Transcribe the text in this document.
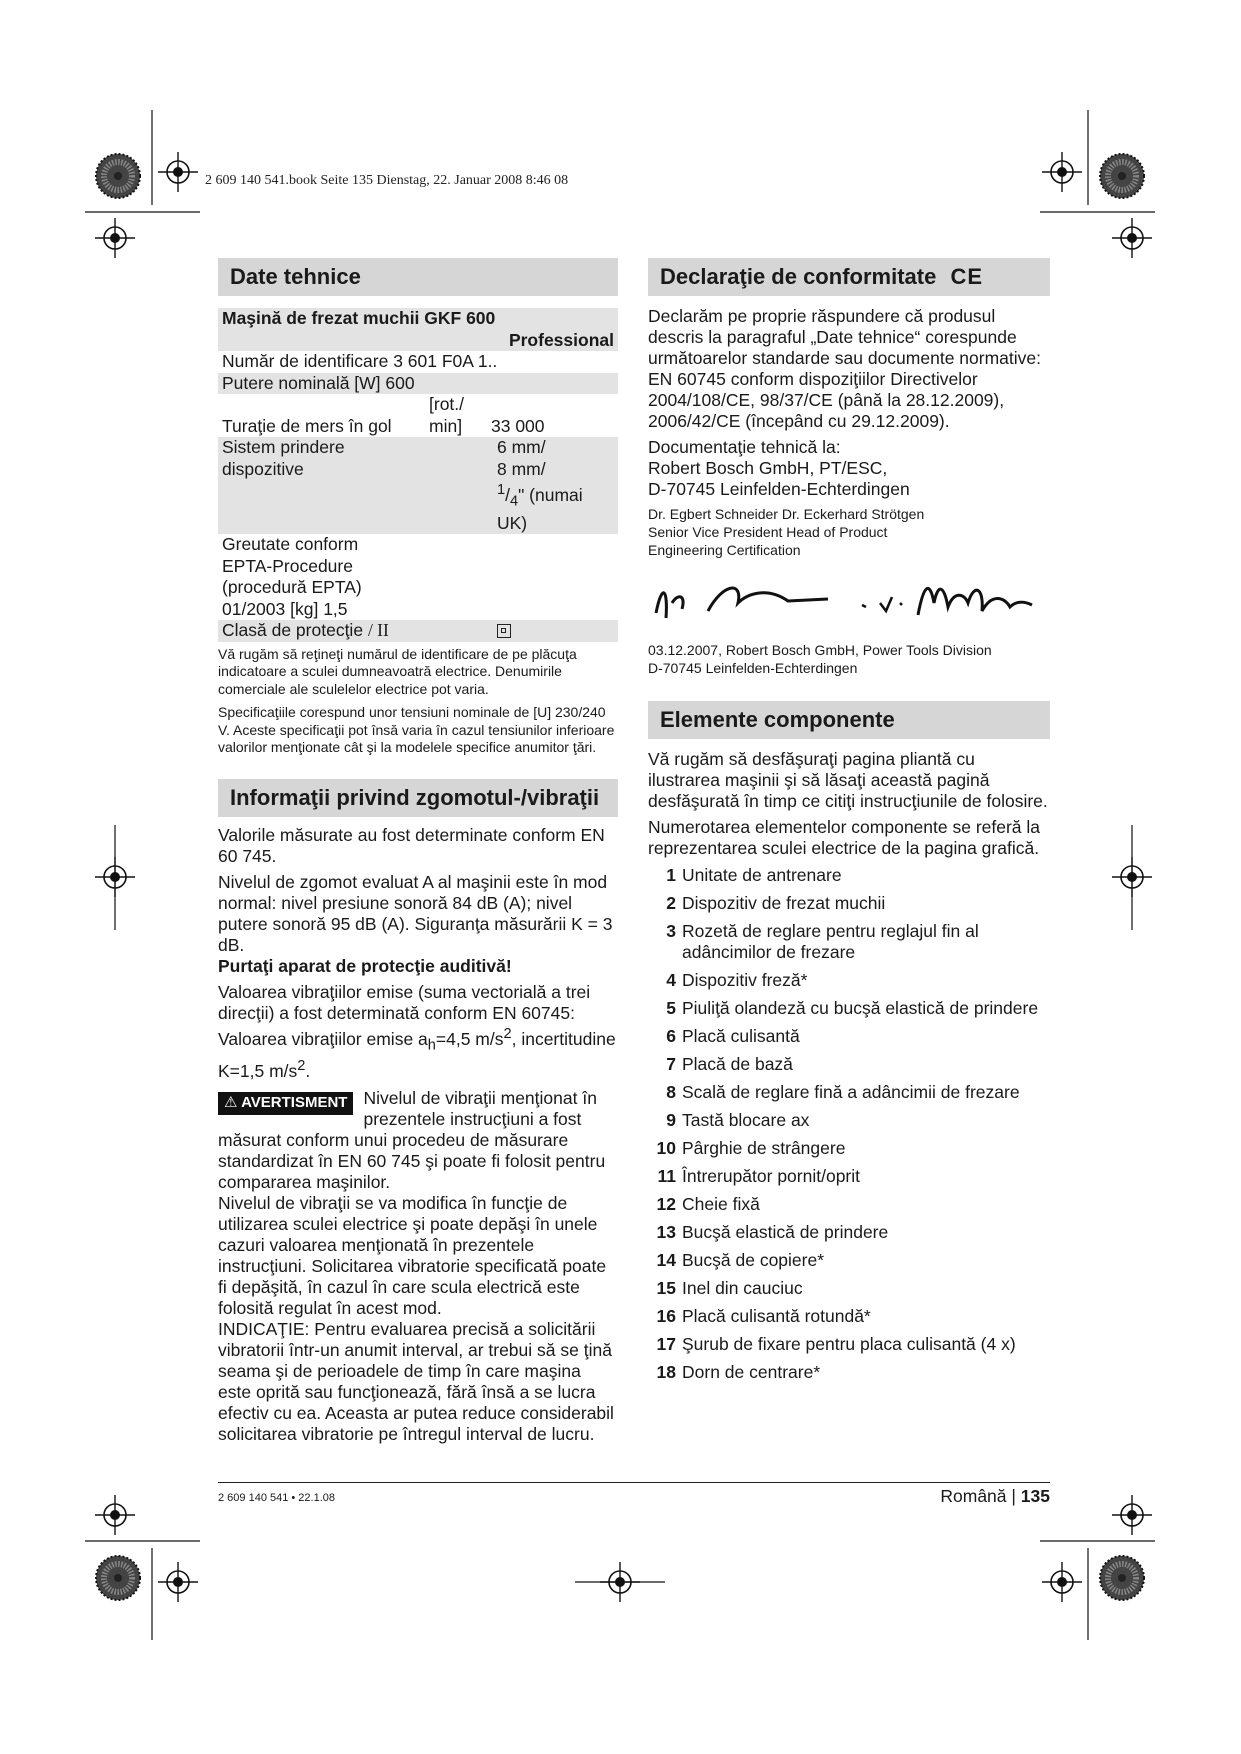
2 609 140 541.book Seite 135 Dienstag, 22. Januar 2008 8:46 08
Date tehnice
Maşină de frezat muchii GKF 600
Professional
Număr de identificare 3 601 F0A 1..
Putere nominală [W] 600
Turaţie de mers în gol
[rot./
min]	33 000
Sistem prindere
dispozitive
6 mm/
8 mm/
$^1/_4$" (numai
UK)
Greutate conform
EPTA-Procedure
(procedură EPTA)
01/2003 [kg] 1,5
Clasă de protecţie / II

Vă rugăm să reţineţi numărul de identificare de pe plăcuţa indicatoare a sculei dumneavoatră electrice. Denumirile comerciale ale sculelelor electrice pot varia.

Specificaţiile corespund unor tensiuni nominale de [U] 230/240 V. Aceste specificaţii pot însă varia în cazul tensiunilor inferioare valorilor menţionate cât şi la modelele specifice anumitor ţări.

Informaţii privind zgomotul-/vibraţii

Valorile măsurate au fost determinate conform EN 60 745.

Nivelul de zgomot evaluat A al maşinii este în mod normal: nivel presiune sonoră 84 dB (A); nivel putere sonoră 95 dB (A). Siguranţa măsurării K = 3 dB.

Purtaţi aparat de protecţie auditivă!

Valoarea vibraţiilor emise (suma vectorială a trei direcţii) a fost determinată conform EN 60745: Valoarea vibraţiilor emise $a_h=4,5$ $m/s^2$, incertitudine K=1,5 $m/s^2$.

⚠ AVERTISMENT Nivelul de vibraţii menţionat în prezentele instrucţiuni a fost măsurat conform unui procedeu de măsurare standardizat în EN 60 745 şi poate fi folosit pentru compararea maşinilor.

Nivelul de vibraţii se va modifica în funcţie de utilizarea sculei electrice şi poate depăşi în unele cazuri valoarea menţionată în prezentele instrucţiuni. Solicitarea vibratorie specificată poate fi depăşită, în cazul în care scula electrică este folosită regulat în acest mod.

INDICAŢIE: Pentru evaluarea precisă a solicitării vibratorii într-un anumit interval, ar trebui să se ţină seama şi de perioadele de timp în care maşina este oprită sau funcţionează, fără însă a se lucra efectiv cu ea. Aceasta ar putea reduce considerabil solicitarea vibratorie pe întregul interval de lucru.

Declaraţie de conformitate CE

Declarăm pe proprie răspundere că produsul descris la paragraful „Date tehnice“ corespunde următoarelor standarde sau documente normative: EN 60745 conform dispoziţiilor Directivelor 2004/108/CE, 98/37/CE (până la 28.12.2009), 2006/42/CE (începând cu 29.12.2009).

Documentaţie tehnică la:
Robert Bosch GmbH, PT/ESC,
D-70745 Leinfelden-Echterdingen

Dr. Egbert Schneider Dr. Eckerhard Strötgen
Senior Vice President Head of Product
Engineering Certification

03.12.2007, Robert Bosch GmbH, Power Tools Division
D-70745 Leinfelden-Echterdingen

Elemente componente

Vă rugăm să desfăşuraţi pagina pliantă cu ilustrarea maşinii şi să lăsaţi această pagină desfăşurată în timp ce citiţi instrucţiunile de folosire.

Numerotarea elementelor componente se referă la reprezentarea sculei electrice de la pagina grafică.

1 Unitate de antrenare
2 Dispozitiv de frezat muchii
3 Rozetă de reglare pentru reglajul fin al adâncimilor de frezare
4 Dispozitiv freză*
5 Piuliţă olandeză cu bucşă elastică de prindere
6 Placă culisantă
7 Placă de bază
8 Scală de reglare fină a adâncimii de frezare
9 Tastă blocare ax
10 Pârghie de strângere
11 Întrerupător pornit/oprit
12 Cheie fixă
13 Bucşă elastică de prindere
14 Bucşă de copiere*
15 Inel din cauciuc
16 Placă culisantă rotundă*
17 Şurub de fixare pentru placa culisantă (4 x)
18 Dorn de centrare*
2 609 140 541 • 22.1.08	Română | 135
